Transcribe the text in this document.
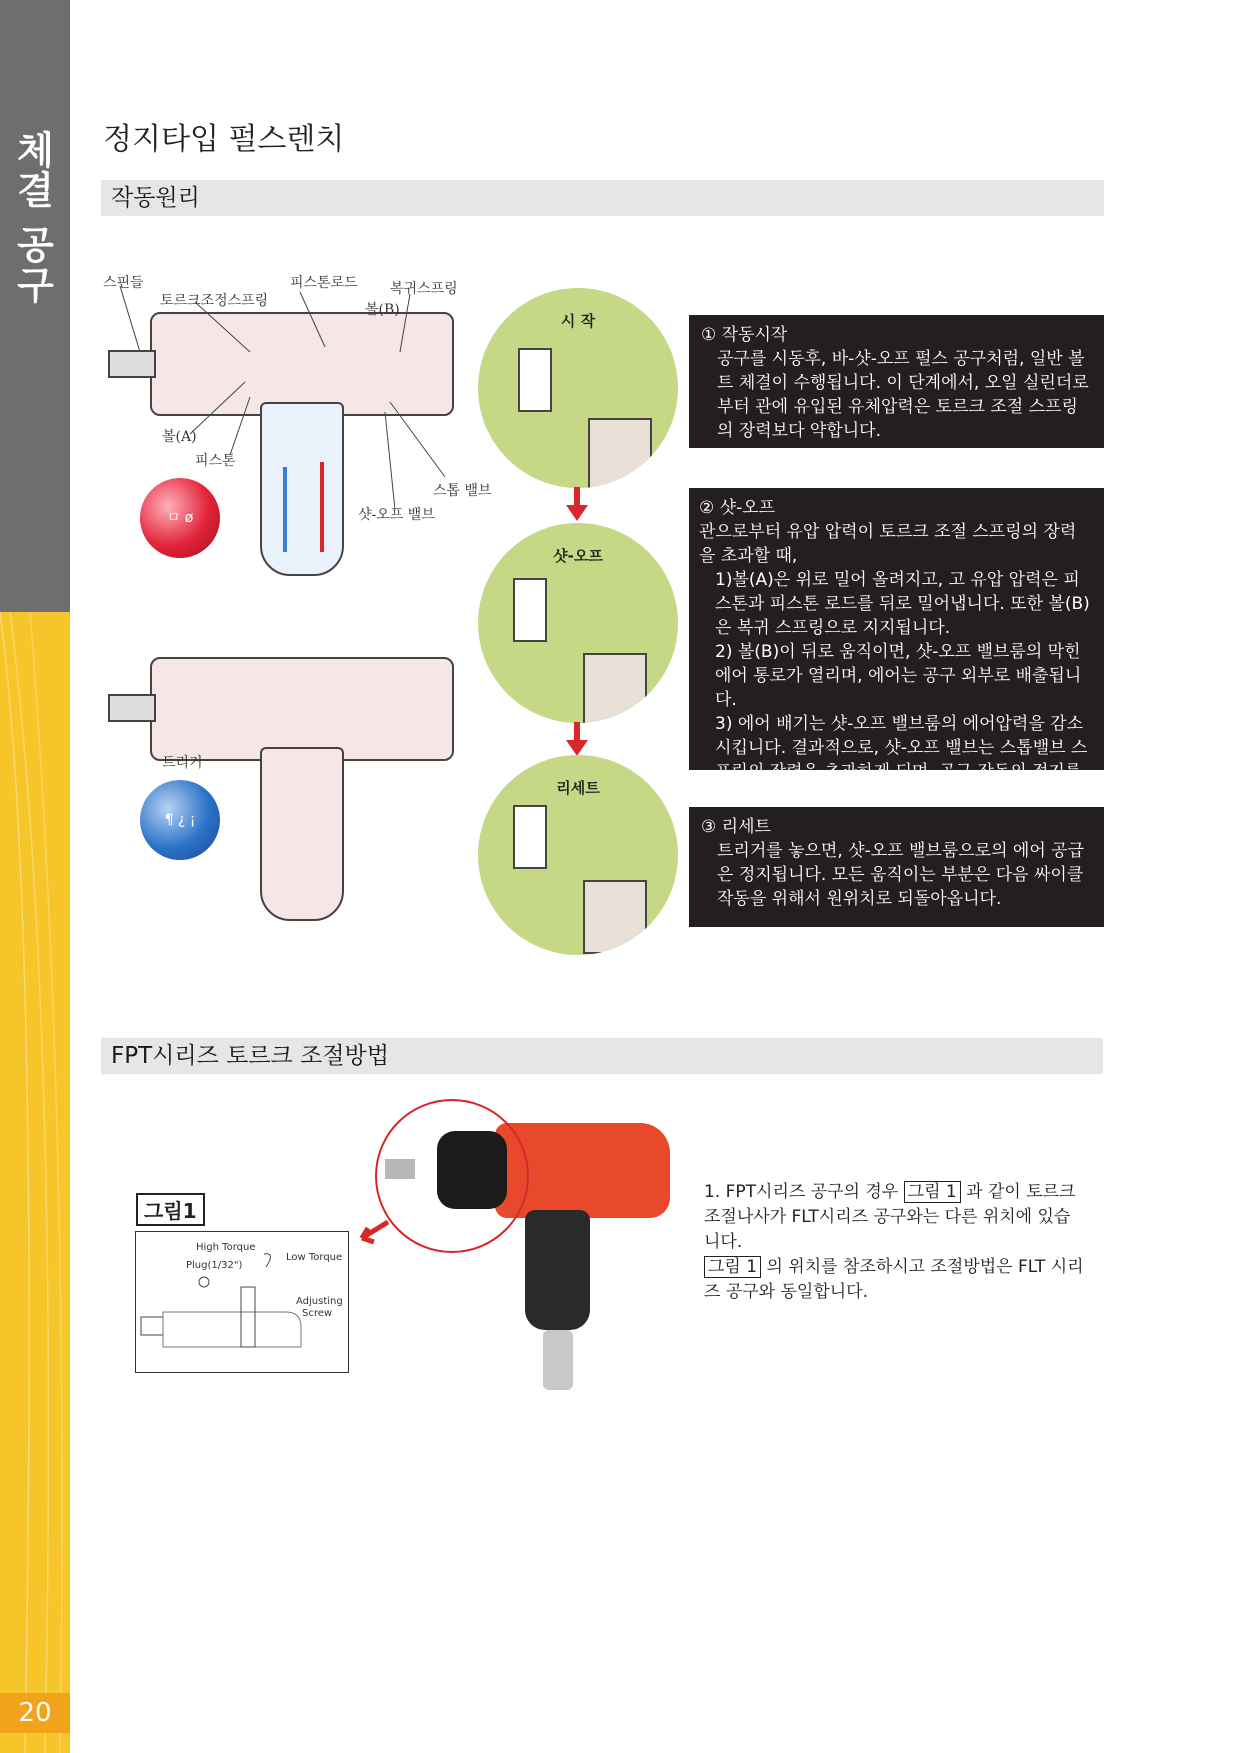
체결 공구
20
정지타입 펄스렌치
작동원리
스핀들
토르크조정스프링
피스톤로드 복귀스프링
볼(B)
볼(A)
피스톤
스톱 밸브
샷-오프 밸브
트리거
ㅁ ø
¶ ¿ ¡
시 작
샷-오프
리세트
① 작동시작
공구를 시동후, 바-샷-오프 펄스 공구처럼, 일반 볼트 체결이 수행됩니다. 이 단계에서, 오일 실린더로부터 관에 유입된 유체압력은 토르크 조절 스프링의 장력보다 약합니다.
② 샷-오프
관으로부터 유압 압력이 토르크 조절 스프링의 장력을 초과할 때,
1)볼(A)은 위로 밀어 올려지고, 고 유압 압력은 피스톤과 피스톤 로드를 뒤로 밀어냅니다. 또한 볼(B)은 복귀 스프링으로 지지됩니다.
2) 볼(B)이 뒤로 움직이면, 샷-오프 밸브룸의 막힌 에어 통로가 열리며, 에어는 공구 외부로 배출됩니다.
3) 에어 배기는 샷-오프 밸브룸의 에어압력을 감소시킵니다. 결과적으로, 샷-오프 밸브는 스톱밸브 스프링의 장력을 초과하게 되며, 공구 작동의 정지를 위해서, 에어 모터로의 에어 공급을 차단합니다.
③ 리세트
트리거를 놓으면, 샷-오프 밸브룸으로의 에어 공급은 정지됩니다. 모든 움직이는 부분은 다음 싸이클 작동을 위해서 원위치로 되돌아옵니다.
FPT시리즈 토르크 조절방법
그림1
High Torque
Plug(1/32")
Low Torque
Adjusting
Screw
1. FPT시리즈 공구의 경우 그림 1 과 같이 토르크 조절나사가 FLT시리즈 공구와는 다른 위치에 있습니다.
그림 1 의 위치를 참조하시고 조절방법은 FLT 시리즈 공구와 동일합니다.
